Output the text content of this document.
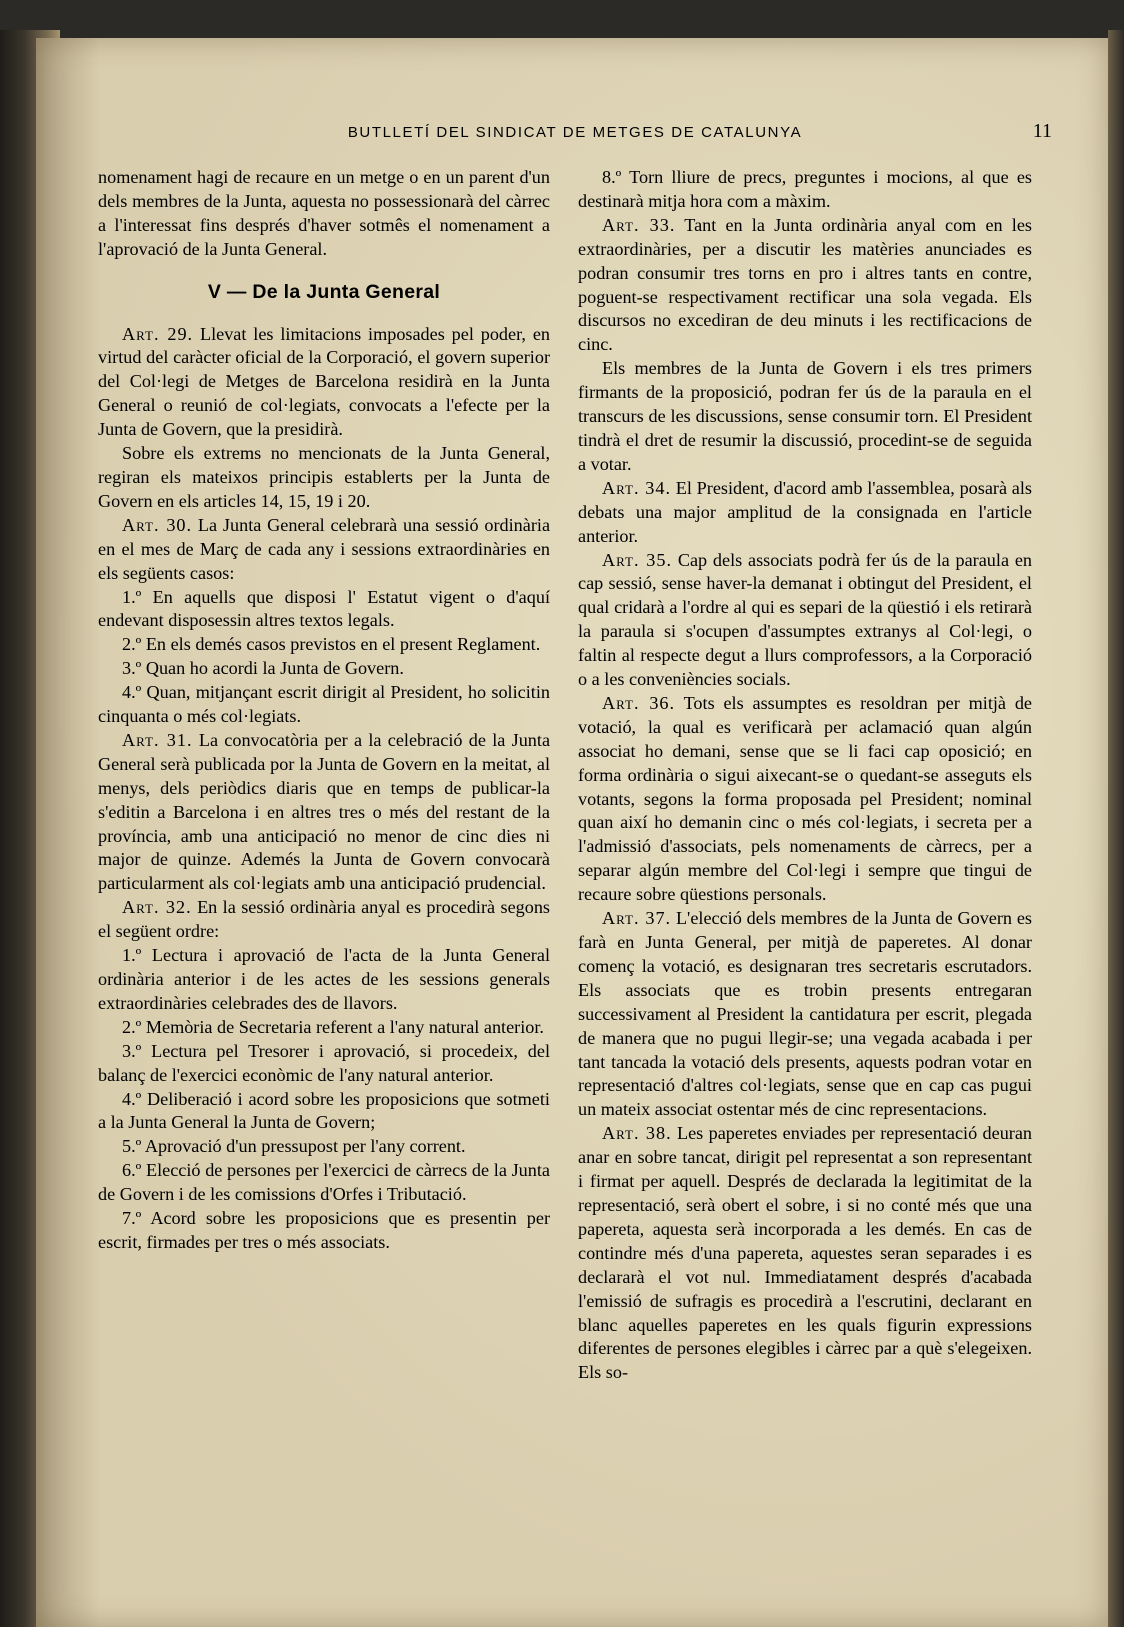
BUTLLETÍ DEL SINDICAT DE METGES DE CATALUNYA	11

nomenament hagi de recaure en un metge o en un parent d'un dels membres de la Junta, aquesta no possessionarà del càrrec a l'interessat fins després d'haver sotmês el nomenament a l'aprovació de la Junta General.

V — De la Junta General

Art. 29. Llevat les limitacions imposades pel poder, en virtud del caràcter oficial de la Corporació, el govern superior del Col·legi de Metges de Barcelona residirà en la Junta General o reunió de col·legiats, convocats a l'efecte per la Junta de Govern, que la presidirà.

Sobre els extrems no mencionats de la Junta General, regiran els mateixos principis establerts per la Junta de Govern en els articles 14, 15, 19 i 20.

Art. 30. La Junta General celebrarà una sessió ordinària en el mes de Març de cada any i sessions extraordinàries en els següents casos:

1.º En aquells que disposi l' Estatut vigent o d'aquí endevant disposessin altres textos legals.

2.º En els demés casos previstos en el present Reglament.

3.º Quan ho acordi la Junta de Govern.

4.º Quan, mitjançant escrit dirigit al President, ho solicitin cinquanta o més col·legiats.

Art. 31. La convocatòria per a la celebració de la Junta General serà publicada por la Junta de Govern en la meitat, al menys, dels periòdics diaris que en temps de publicar-la s'editin a Barcelona i en altres tres o més del restant de la província, amb una anticipació no menor de cinc dies ni major de quinze. Ademés la Junta de Govern convocarà particularment als col·legiats amb una anticipació prudencial.

Art. 32. En la sessió ordinària anyal es procedirà segons el següent ordre:

1.º Lectura i aprovació de l'acta de la Junta General ordinària anterior i de les actes de les sessions generals extraordinàries celebrades des de llavors.

2.º Memòria de Secretaria referent a l'any natural anterior.

3.º Lectura pel Tresorer i aprovació, si procedeix, del balanç de l'exercici econòmic de l'any natural anterior.

4.º Deliberació i acord sobre les proposicions que sotmeti a la Junta General la Junta de Govern;

5.º Aprovació d'un pressupost per l'any corrent.

6.º Elecció de persones per l'exercici de càrrecs de la Junta de Govern i de les comissions d'Orfes i Tributació.

7.º Acord sobre les proposicions que es presentin per escrit, firmades per tres o més associats.

8.º Torn lliure de precs, preguntes i mocions, al que es destinarà mitja hora com a màxim.

Art. 33. Tant en la Junta ordinària anyal com en les extraordinàries, per a discutir les matèries anunciades es podran consumir tres torns en pro i altres tants en contre, poguent-se respectivament rectificar una sola vegada. Els discursos no excediran de deu minuts i les rectificacions de cinc.

Els membres de la Junta de Govern i els tres primers firmants de la proposició, podran fer ús de la paraula en el transcurs de les discussions, sense consumir torn. El President tindrà el dret de resumir la discussió, procedint-se de seguida a votar.

Art. 34. El President, d'acord amb l'assemblea, posarà als debats una major amplitud de la consignada en l'article anterior.

Art. 35. Cap dels associats podrà fer ús de la paraula en cap sessió, sense haver-la demanat i obtingut del President, el qual cridarà a l'ordre al qui es separi de la qüestió i els retirarà la paraula si s'ocupen d'assumptes extranys al Col·legi, o faltin al respecte degut a llurs comprofessors, a la Corporació o a les conveniències socials.

Art. 36. Tots els assumptes es resoldran per mitjà de votació, la qual es verificarà per aclamació quan algún associat ho demani, sense que se li faci cap oposició; en forma ordinària o sigui aixecant-se o quedant-se asseguts els votants, segons la forma proposada pel President; nominal quan així ho demanin cinc o més col·legiats, i secreta per a l'admissió d'associats, pels nomenaments de càrrecs, per a separar algún membre del Col·legi i sempre que tingui de recaure sobre qüestions personals.

Art. 37. L'elecció dels membres de la Junta de Govern es farà en Junta General, per mitjà de paperetes. Al donar començ la votació, es designaran tres secretaris escrutadors. Els associats que es trobin presents entregaran successivament al President la cantidatura per escrit, plegada de manera que no pugui llegir-se; una vegada acabada i per tant tancada la votació dels presents, aquests podran votar en representació d'altres col·legiats, sense que en cap cas pugui un mateix associat ostentar més de cinc representacions.

Art. 38. Les paperetes enviades per representació deuran anar en sobre tancat, dirigit pel representat a son representant i firmat per aquell. Després de declarada la legitimitat de la representació, serà obert el sobre, i si no conté més que una papereta, aquesta serà incorporada a les demés. En cas de contindre més d'una papereta, aquestes seran separades i es declararà el vot nul. Immediatament després d'acabada l'emissió de sufragis es procedirà a l'escrutini, declarant en blanc aquelles paperetes en les quals figurin expressions diferentes de persones elegibles i càrrec par a què s'elegeixen. Els so-
